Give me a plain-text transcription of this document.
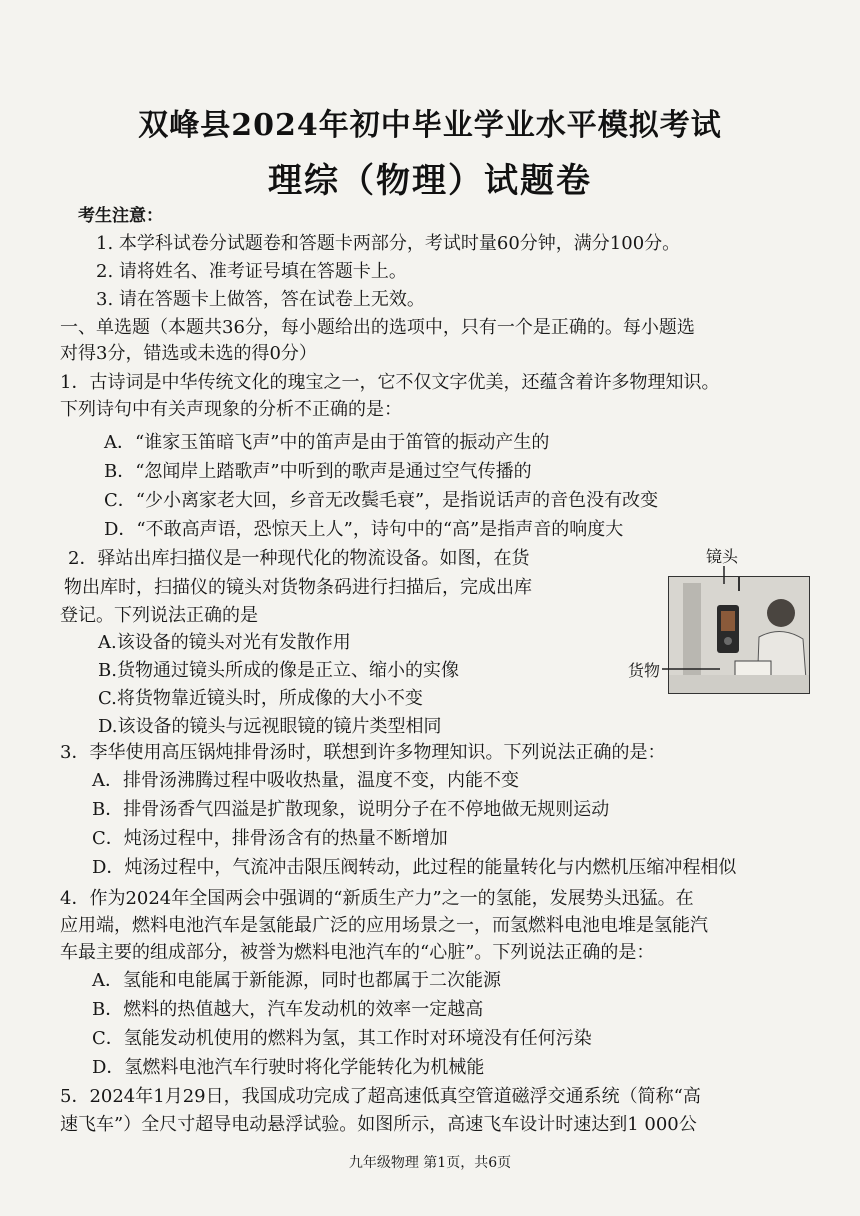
双峰县2024年初中毕业学业水平模拟考试
理综（物理）试题卷
考生注意：
1. 本学科试卷分试题卷和答题卡两部分，考试时量60分钟，满分100分。
2. 请将姓名、准考证号填在答题卡上。
3. 请在答题卡上做答，答在试卷上无效。
一、单选题（本题共36分，每小题给出的选项中，只有一个是正确的。每小题选
对得3分，错选或未选的得0分）
1．古诗词是中华传统文化的瑰宝之一，它不仅文字优美，还蕴含着许多物理知识。
下列诗句中有关声现象的分析不正确的是：
A．“谁家玉笛暗飞声”中的笛声是由于笛管的振动产生的
B．“忽闻岸上踏歌声”中听到的歌声是通过空气传播的
C．“少小离家老大回，乡音无改鬓毛衰”，是指说话声的音色没有改变
D．“不敢高声语，恐惊天上人”，诗句中的“高”是指声音的响度大
2．驿站出库扫描仪是一种现代化的物流设备。如图，在货
物出库时，扫描仪的镜头对货物条码进行扫描后，完成出库
登记。下列说法正确的是
A.该设备的镜头对光有发散作用
B.货物通过镜头所成的像是正立、缩小的实像
C.将货物靠近镜头时，所成像的大小不变
D.该设备的镜头与远视眼镜的镜片类型相同
镜头
货物
3．李华使用高压锅炖排骨汤时，联想到许多物理知识。下列说法正确的是：
A．排骨汤沸腾过程中吸收热量，温度不变，内能不变
B．排骨汤香气四溢是扩散现象，说明分子在不停地做无规则运动
C．炖汤过程中，排骨汤含有的热量不断增加
D．炖汤过程中，气流冲击限压阀转动，此过程的能量转化与内燃机压缩冲程相似
4．作为2024年全国两会中强调的“新质生产力”之一的氢能，发展势头迅猛。在
应用端，燃料电池汽车是氢能最广泛的应用场景之一，而氢燃料电池电堆是氢能汽
车最主要的组成部分，被誉为燃料电池汽车的“心脏”。下列说法正确的是：
A．氢能和电能属于新能源，同时也都属于二次能源
B．燃料的热值越大，汽车发动机的效率一定越高
C．氢能发动机使用的燃料为氢，其工作时对环境没有任何污染
D．氢燃料电池汽车行驶时将化学能转化为机械能
5．2024年1月29日，我国成功完成了超高速低真空管道磁浮交通系统（简称“高
速飞车”）全尺寸超导电动悬浮试验。如图所示，高速飞车设计时速达到1 000公
九年级物理 第1页，共6页
